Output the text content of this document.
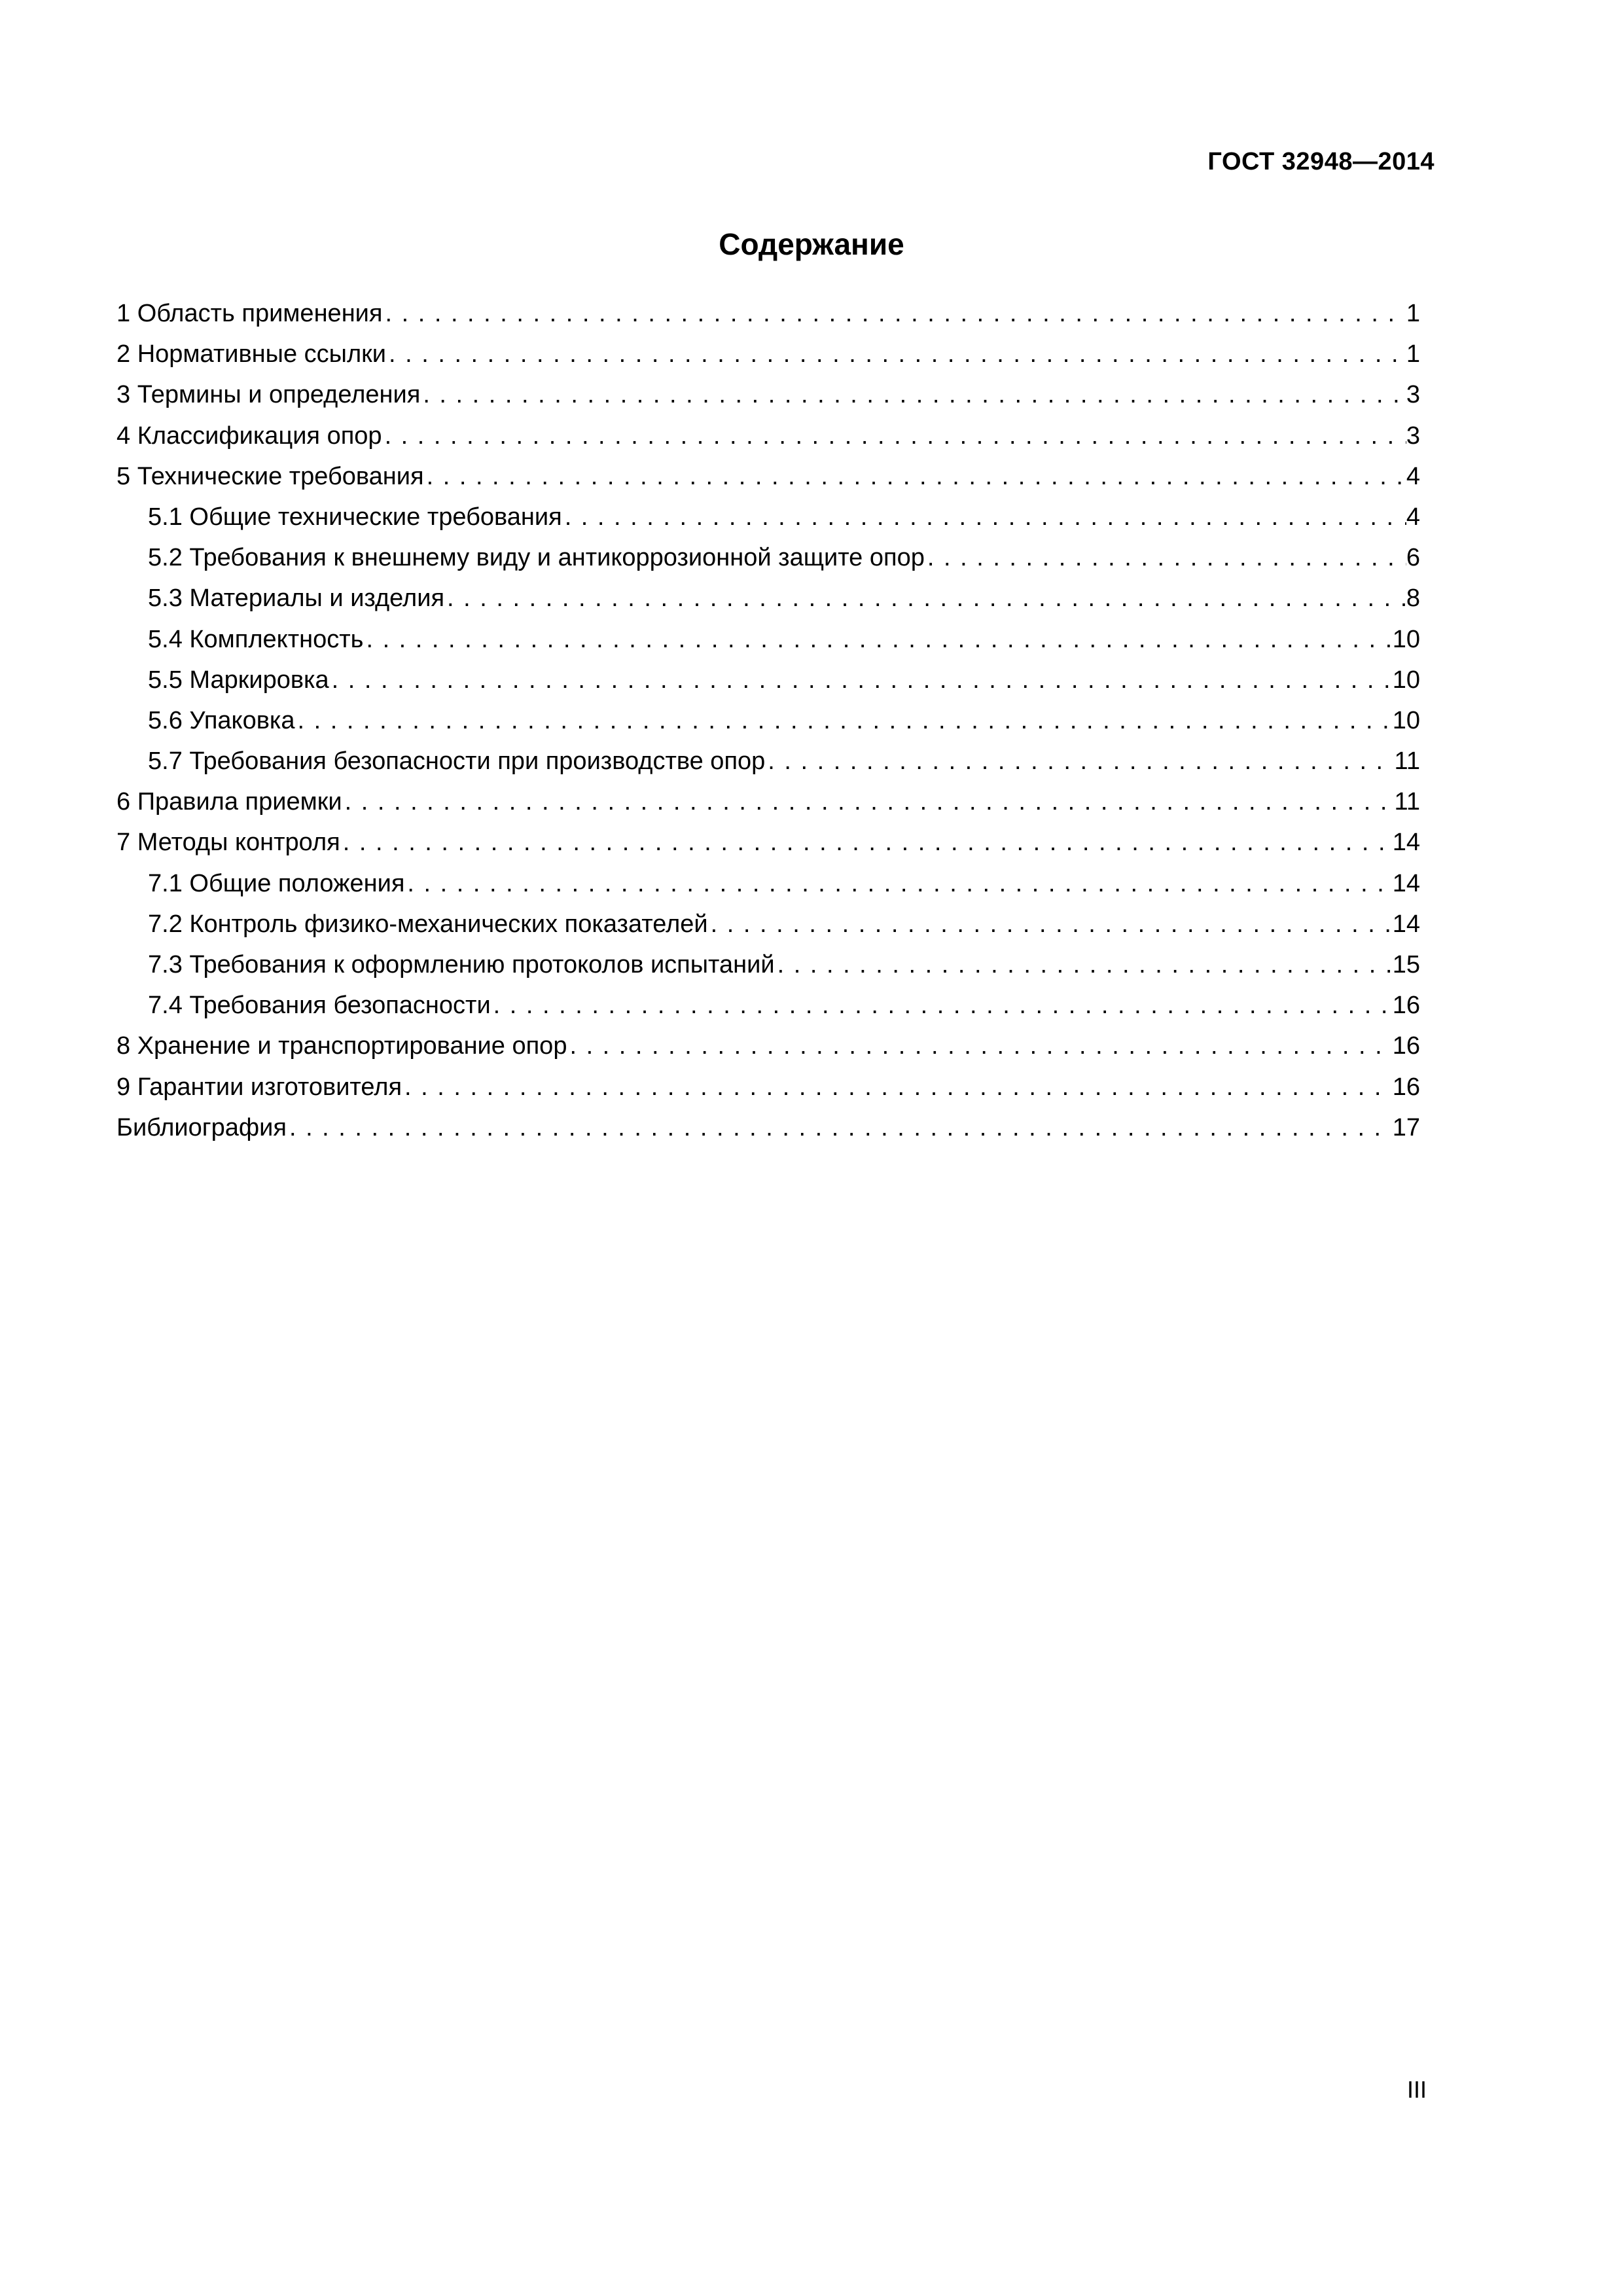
ГОСТ 32948—2014
Содержание
1 Область применения . . .	1
2 Нормативные ссылки . . .	1
3 Термины и определения . . .	3
4 Классификация опор . . .	3
5 Технические требования . . .	4
5.1 Общие технические требования . . .	4
5.2 Требования к внешнему виду и антикоррозионной защите опор . . .	6
5.3 Материалы и изделия . . .	8
5.4 Комплектность . . .	10
5.5 Маркировка . . .	10
5.6 Упаковка . . .	10
5.7 Требования безопасности при производстве опор . . .	11
6 Правила приемки . . .	11
7 Методы контроля . . .	14
7.1 Общие положения . . .	14
7.2 Контроль физико-механических показателей . . .	14
7.3 Требования к оформлению протоколов испытаний . . .	15
7.4 Требования безопасности . . .	16
8 Хранение и транспортирование опор . . .	16
9 Гарантии изготовителя . . .	16
Библиография . . .	17
III
